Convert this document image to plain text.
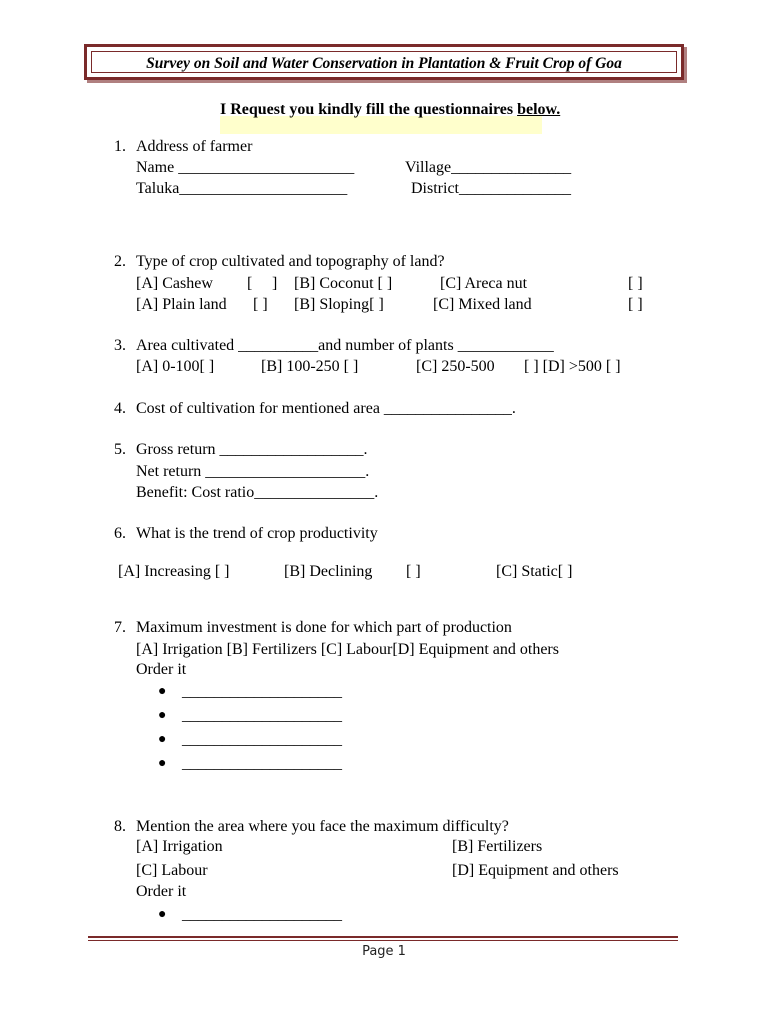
Survey on Soil and Water Conservation in Plantation & Fruit Crop of Goa
I Request you kindly fill the questionnaires below.
1. Address of farmer
Name ______________________	Village_______________
Taluka_____________________	District______________
2. Type of crop cultivated and topography of land?
[A] Cashew [ ] [B] Coconut [ ]	[C] Areca nut	[ ]
[A] Plain land [ ] [B] Sloping[ ]	[C] Mixed land	[ ]
3. Area cultivated __________and number of plants ____________
[A] 0-100[ ]	[B] 100-250 [ ]	[C] 250-500 [ ] [D] >500 [ ]
4. Cost of cultivation for mentioned area ________________.
5. Gross return __________________.
Net return ____________________.
Benefit: Cost ratio_______________.
6. What is the trend of crop productivity
[A] Increasing [ ]	[B] Declining [ ]	[C] Static[ ]
7. Maximum investment is done for which part of production
[A] Irrigation [B] Fertilizers [C] Labour[D] Equipment and others
Order it
● ____________________
● ____________________
● ____________________
● ____________________
8. Mention the area where you face the maximum difficulty?
[A] Irrigation	[B] Fertilizers
[C] Labour	[D] Equipment and others
Order it
● ____________________
Page 1
